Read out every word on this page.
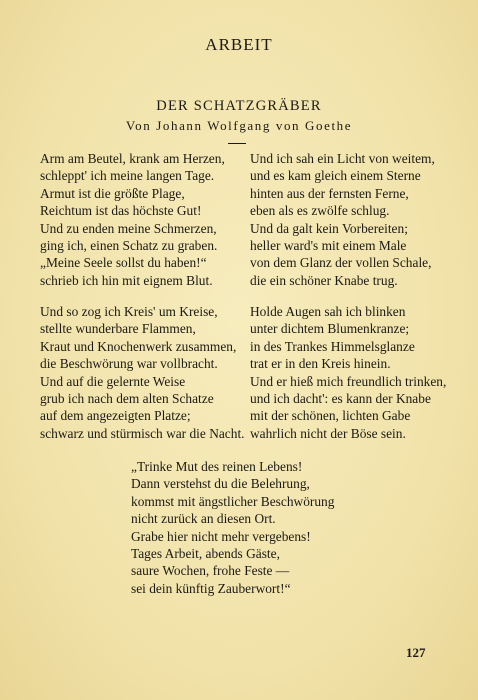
ARBEIT
DER SCHATZGRÄBER
Von Johann Wolfgang von Goethe
Arm am Beutel, krank am Herzen,
schleppt' ich meine langen Tage.
Armut ist die größte Plage,
Reichtum ist das höchste Gut!
Und zu enden meine Schmerzen,
ging ich, einen Schatz zu graben.
„Meine Seele sollst du haben!“
schrieb ich hin mit eignem Blut.
Und ich sah ein Licht von weitem,
und es kam gleich einem Sterne
hinten aus der fernsten Ferne,
eben als es zwölfe schlug.
Und da galt kein Vorbereiten;
heller ward's mit einem Male
von dem Glanz der vollen Schale,
die ein schöner Knabe trug.
Und so zog ich Kreis' um Kreise,
stellte wunderbare Flammen,
Kraut und Knochenwerk zusammen,
die Beschwörung war vollbracht.
Und auf die gelernte Weise
grub ich nach dem alten Schatze
auf dem angezeigten Platze;
schwarz und stürmisch war die Nacht.
Holde Augen sah ich blinken
unter dichtem Blumenkranze;
in des Trankes Himmelsglanze
trat er in den Kreis hinein.
Und er hieß mich freundlich trinken,
und ich dacht': es kann der Knabe
mit der schönen, lichten Gabe
wahrlich nicht der Böse sein.
„Trinke Mut des reinen Lebens!
Dann verstehst du die Belehrung,
kommst mit ängstlicher Beschwörung
nicht zurück an diesen Ort.
Grabe hier nicht mehr vergebens!
Tages Arbeit, abends Gäste,
saure Wochen, frohe Feste —
sei dein künftig Zauberwort!“
127
